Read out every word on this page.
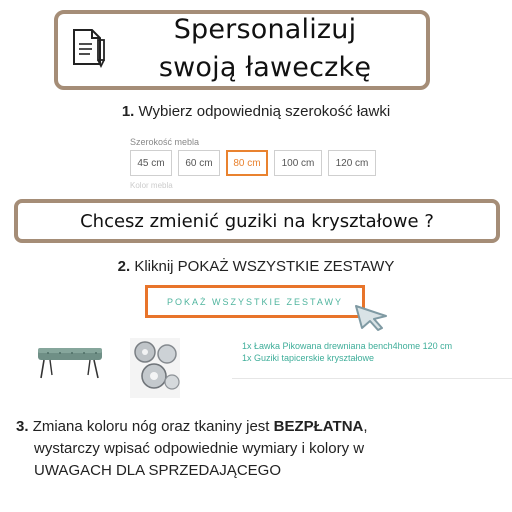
Spersonalizuj
swoją ławeczkę
1. Wybierz odpowiednią szerokość ławki
Szerokość mebla
45 cm	60 cm	80 cm	100 cm	120 cm
Kolor mebla
Chcesz zmienić guziki na kryształowe ?
2. Kliknij POKAŻ WSZYSTKIE ZESTAWY
POKAŻ WSZYSTKIE ZESTAWY
1x Ławka Pikowana drewniana bench4home 120 cm
1x Guziki tapicerskie kryształowe
3. Zmiana koloru nóg oraz tkaniny jest BEZPŁATNA,
wystarczy wpisać odpowiednie wymiary i kolory w
UWAGACH DLA SPRZEDAJĄCEGO
